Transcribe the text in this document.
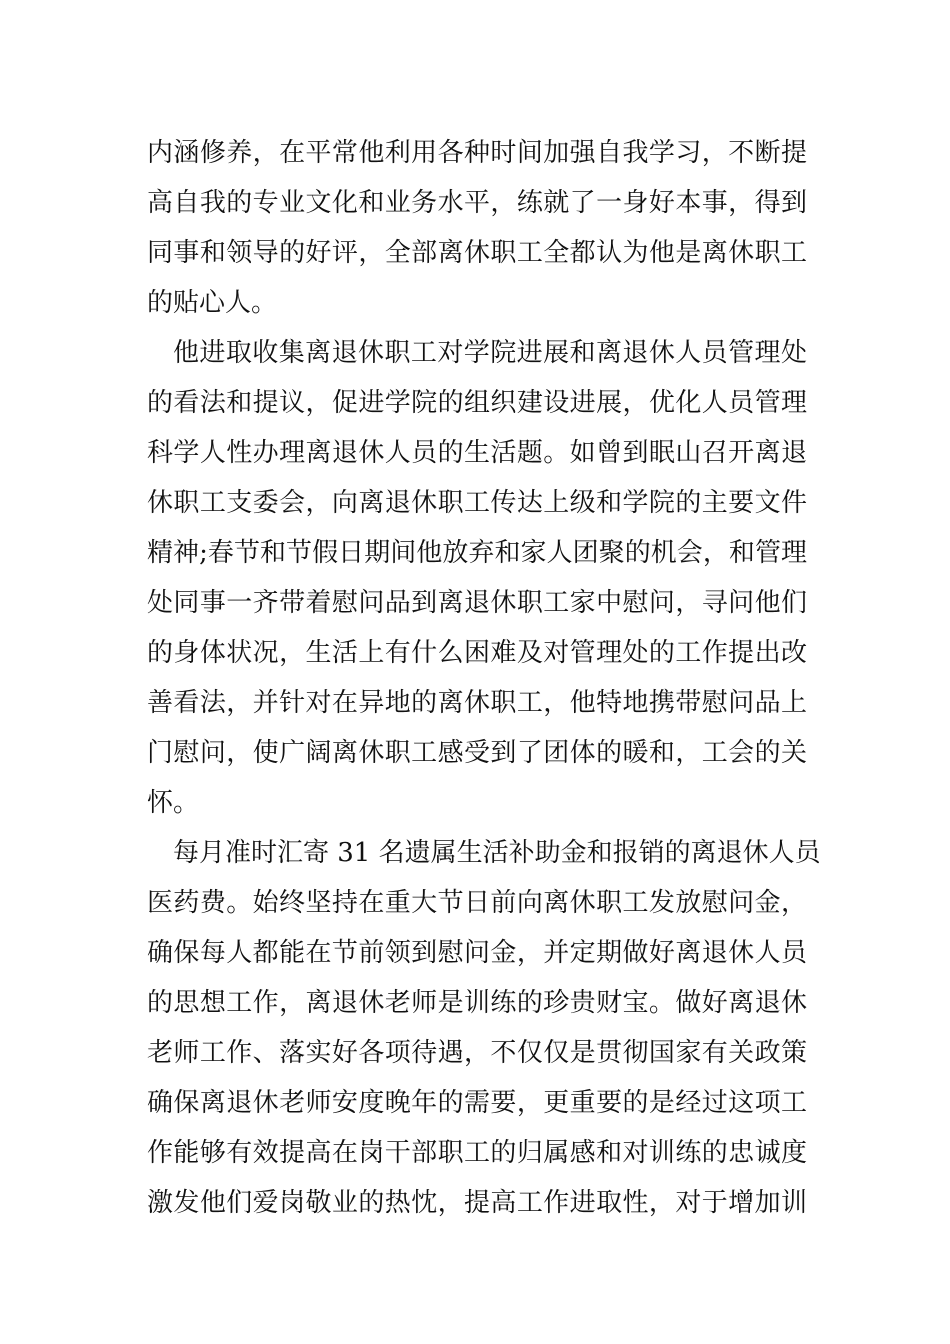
内涵修养，在平常他利用各种时间加强自我学习，不断提
高自我的专业文化和业务水平，练就了一身好本事，得到
同事和领导的好评，全部离休职工全都认为他是离休职工
的贴心人。
他进取收集离退休职工对学院进展和离退休人员管理处
的看法和提议，促进学院的组织建设进展，优化人员管理
科学人性办理离退休人员的生活题。如曾到眠山召开离退
休职工支委会，向离退休职工传达上级和学院的主要文件
精神;春节和节假日期间他放弃和家人团聚的机会，和管理
处同事一齐带着慰问品到离退休职工家中慰问，寻问他们
的身体状况，生活上有什么困难及对管理处的工作提出改
善看法，并针对在异地的离休职工，他特地携带慰问品上
门慰问，使广阔离休职工感受到了团体的暖和，工会的关
怀。
每月准时汇寄 31 名遗属生活补助金和报销的离退休人员
医药费。始终坚持在重大节日前向离休职工发放慰问金，
确保每人都能在节前领到慰问金，并定期做好离退休人员
的思想工作，离退休老师是训练的珍贵财宝。做好离退休
老师工作、落实好各项待遇，不仅仅是贯彻国家有关政策
确保离退休老师安度晚年的需要，更重要的是经过这项工
作能够有效提高在岗干部职工的归属感和对训练的忠诚度
激发他们爱岗敬业的热忱，提高工作进取性，对于增加训
